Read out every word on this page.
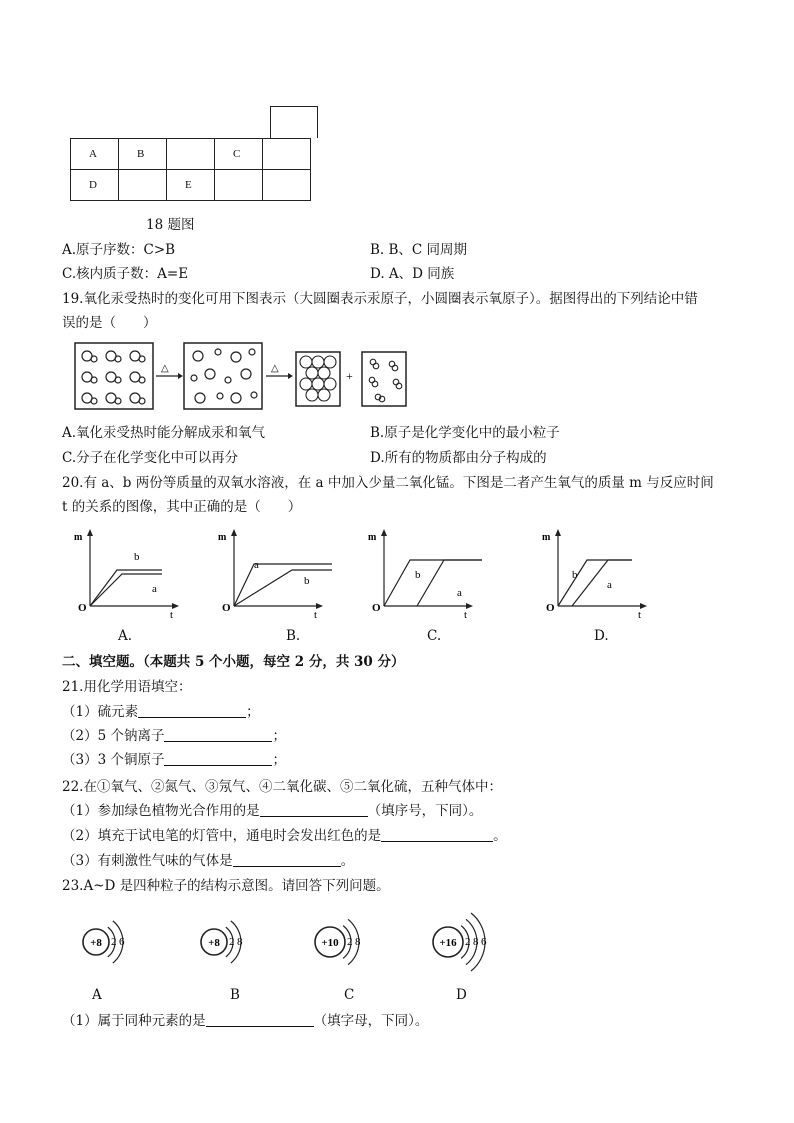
A	B		C	
D		E		
18 题图
A.原子序数：C>B	B. B、C 同周期
C.核内质子数：A=E	D. A、D 同族
19.氧化汞受热时的变化可用下图表示（大圆圈表示汞原子，小圆圈表示氧原子）。据图得出的下列结论中错
误的是（　　）
△	△
+
A.氧化汞受热时能分解成汞和氧气	B.原子是化学变化中的最小粒子
C.分子在化学变化中可以再分	D.所有的物质都由分子构成的
20.有 a、b 两份等质量的双氧水溶液，在 a 中加入少量二氧化锰。下图是二者产生氧气的质量 m 与反应时间
t 的关系的图像，其中正确的是（　　）
m
t
O
b
a
m
t
O
a
b
m
t
O
b
a
m
t
O
b
a
A.	B.	C.	D.
二、填空题。（本题共 5 个小题，每空 2 分，共 30 分）
21.用化学用语填空：
（1）硫元素	；
（2）5 个钠离子	；
（3）3 个铜原子	；
22.在①氧气、②氮气、③氖气、④二氧化碳、⑤二氧化硫，五种气体中：
（1）参加绿色植物光合作用的是	（填序号，下同）。
（2）填充于试电笔的灯管中，通电时会发出红色的是	。
（3）有刺激性气味的气体是	。
23.A~D 是四种粒子的结构示意图。请回答下列问题。
+8 2 6	+8 2 8	+10 2 8	+16 2 8 6
A	B	C	D
（1）属于同种元素的是	（填字母，下同）。
